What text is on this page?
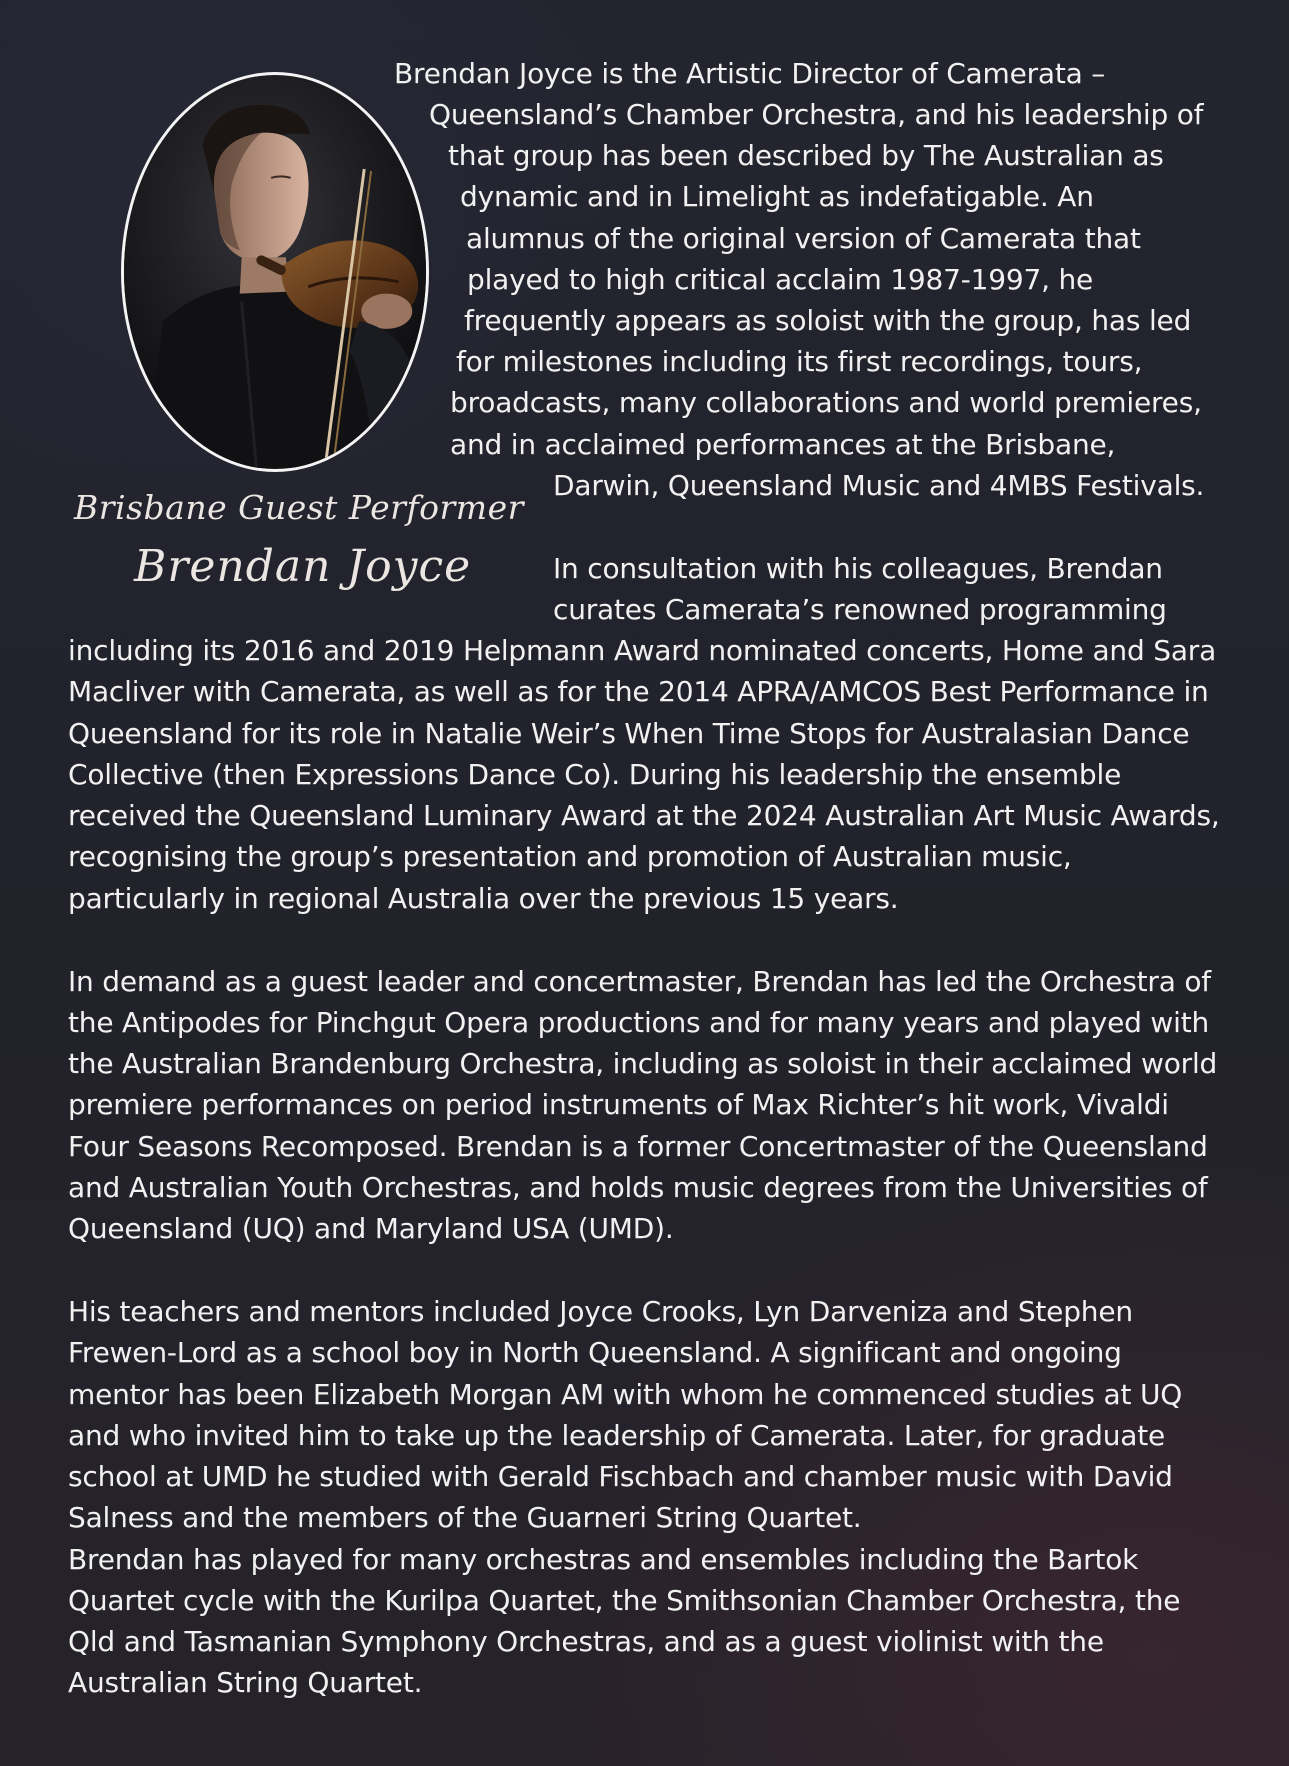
Brisbane Guest Performer
Brendan Joyce
Brendan Joyce is the Artistic Director of Camerata –
Queensland’s Chamber Orchestra, and his leadership of
that group has been described by The Australian as
dynamic and in Limelight as indefatigable. An
alumnus of the original version of Camerata that
played to high critical acclaim 1987-1997, he
frequently appears as soloist with the group, has led
for milestones including its first recordings, tours,
broadcasts, many collaborations and world premieres,
and in acclaimed performances at the Brisbane,
Darwin, Queensland Music and 4MBS Festivals.
In consultation with his colleagues, Brendan
curates Camerata’s renowned programming
including its 2016 and 2019 Helpmann Award nominated concerts, Home and Sara
Macliver with Camerata, as well as for the 2014 APRA/AMCOS Best Performance in
Queensland for its role in Natalie Weir’s When Time Stops for Australasian Dance
Collective (then Expressions Dance Co). During his leadership the ensemble
received the Queensland Luminary Award at the 2024 Australian Art Music Awards,
recognising the group’s presentation and promotion of Australian music,
particularly in regional Australia over the previous 15 years.
In demand as a guest leader and concertmaster, Brendan has led the Orchestra of
the Antipodes for Pinchgut Opera productions and for many years and played with
the Australian Brandenburg Orchestra, including as soloist in their acclaimed world
premiere performances on period instruments of Max Richter’s hit work, Vivaldi
Four Seasons Recomposed. Brendan is a former Concertmaster of the Queensland
and Australian Youth Orchestras, and holds music degrees from the Universities of
Queensland (UQ) and Maryland USA (UMD).
His teachers and mentors included Joyce Crooks, Lyn Darveniza and Stephen
Frewen-Lord as a school boy in North Queensland. A significant and ongoing
mentor has been Elizabeth Morgan AM with whom he commenced studies at UQ
and who invited him to take up the leadership of Camerata. Later, for graduate
school at UMD he studied with Gerald Fischbach and chamber music with David
Salness and the members of the Guarneri String Quartet.
Brendan has played for many orchestras and ensembles including the Bartok
Quartet cycle with the Kurilpa Quartet, the Smithsonian Chamber Orchestra, the
Qld and Tasmanian Symphony Orchestras, and as a guest violinist with the
Australian String Quartet.
